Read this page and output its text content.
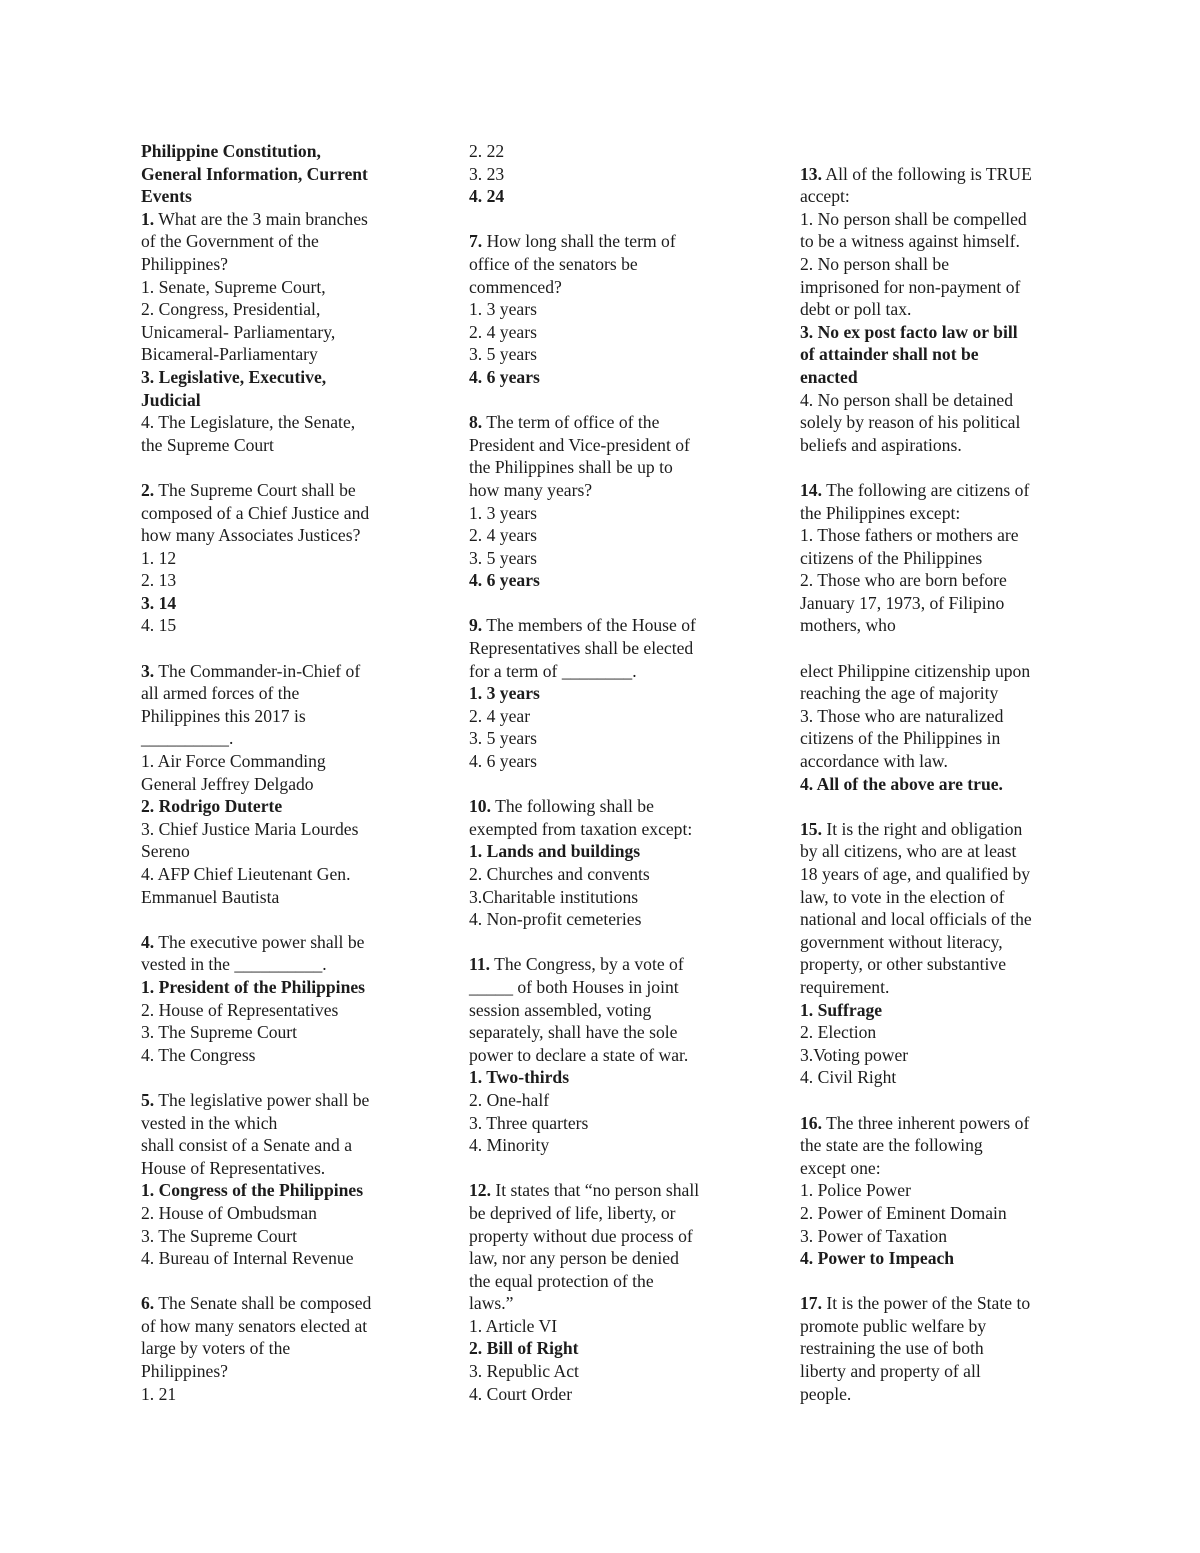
Philippine Constitution,
General Information, Current
Events
1. What are the 3 main branches
of the Government of the
Philippines?
1. Senate, Supreme Court,
2. Congress, Presidential,
Unicameral- Parliamentary,
Bicameral-Parliamentary
3. Legislative, Executive,
Judicial
4. The Legislature, the Senate,
the Supreme Court
2. The Supreme Court shall be
composed of a Chief Justice and
how many Associates Justices?
1. 12
2. 13
3. 14
4. 15
3. The Commander-in-Chief of
all armed forces of the
Philippines this 2017 is
__________.
1. Air Force Commanding
General Jeffrey Delgado
2. Rodrigo Duterte
3. Chief Justice Maria Lourdes
Sereno
4. AFP Chief Lieutenant Gen.
Emmanuel Bautista
4. The executive power shall be
vested in the __________.
1. President of the Philippines
2. House of Representatives
3. The Supreme Court
4. The Congress
5. The legislative power shall be
vested in the which
shall consist of a Senate and a
House of Representatives.
1. Congress of the Philippines
2. House of Ombudsman
3. The Supreme Court
4. Bureau of Internal Revenue
6. The Senate shall be composed
of how many senators elected at
large by voters of the
Philippines?
1. 21
2. 22
3. 23
4. 24
7. How long shall the term of
office of the senators be
commenced?
1. 3 years
2. 4 years
3. 5 years
4. 6 years
8. The term of office of the
President and Vice-president of
the Philippines shall be up to
how many years?
1. 3 years
2. 4 years
3. 5 years
4. 6 years
9. The members of the House of
Representatives shall be elected
for a term of ________.
1. 3 years
2. 4 year
3. 5 years
4. 6 years
10. The following shall be
exempted from taxation except:
1. Lands and buildings
2. Churches and convents
3.Charitable institutions
4. Non-profit cemeteries
11. The Congress, by a vote of
_____ of both Houses in joint
session assembled, voting
separately, shall have the sole
power to declare a state of war.
1. Two-thirds
2. One-half
3. Three quarters
4. Minority
12. It states that “no person shall
be deprived of life, liberty, or
property without due process of
law, nor any person be denied
the equal protection of the
laws.”
1. Article VI
2. Bill of Right
3. Republic Act
4. Court Order
13. All of the following is TRUE
accept:
1. No person shall be compelled
to be a witness against himself.
2. No person shall be
imprisoned for non-payment of
debt or poll tax.
3. No ex post facto law or bill
of attainder shall not be
enacted
4. No person shall be detained
solely by reason of his political
beliefs and aspirations.
14. The following are citizens of
the Philippines except:
1. Those fathers or mothers are
citizens of the Philippines
2. Those who are born before
January 17, 1973, of Filipino
mothers, who
elect Philippine citizenship upon
reaching the age of majority
3. Those who are naturalized
citizens of the Philippines in
accordance with law.
4. All of the above are true.
15. It is the right and obligation
by all citizens, who are at least
18 years of age, and qualified by
law, to vote in the election of
national and local officials of the
government without literacy,
property, or other substantive
requirement.
1. Suffrage
2. Election
3.Voting power
4. Civil Right
16. The three inherent powers of
the state are the following
except one:
1. Police Power
2. Power of Eminent Domain
3. Power of Taxation
4. Power to Impeach
17. It is the power of the State to
promote public welfare by
restraining the use of both
liberty and property of all
people.
